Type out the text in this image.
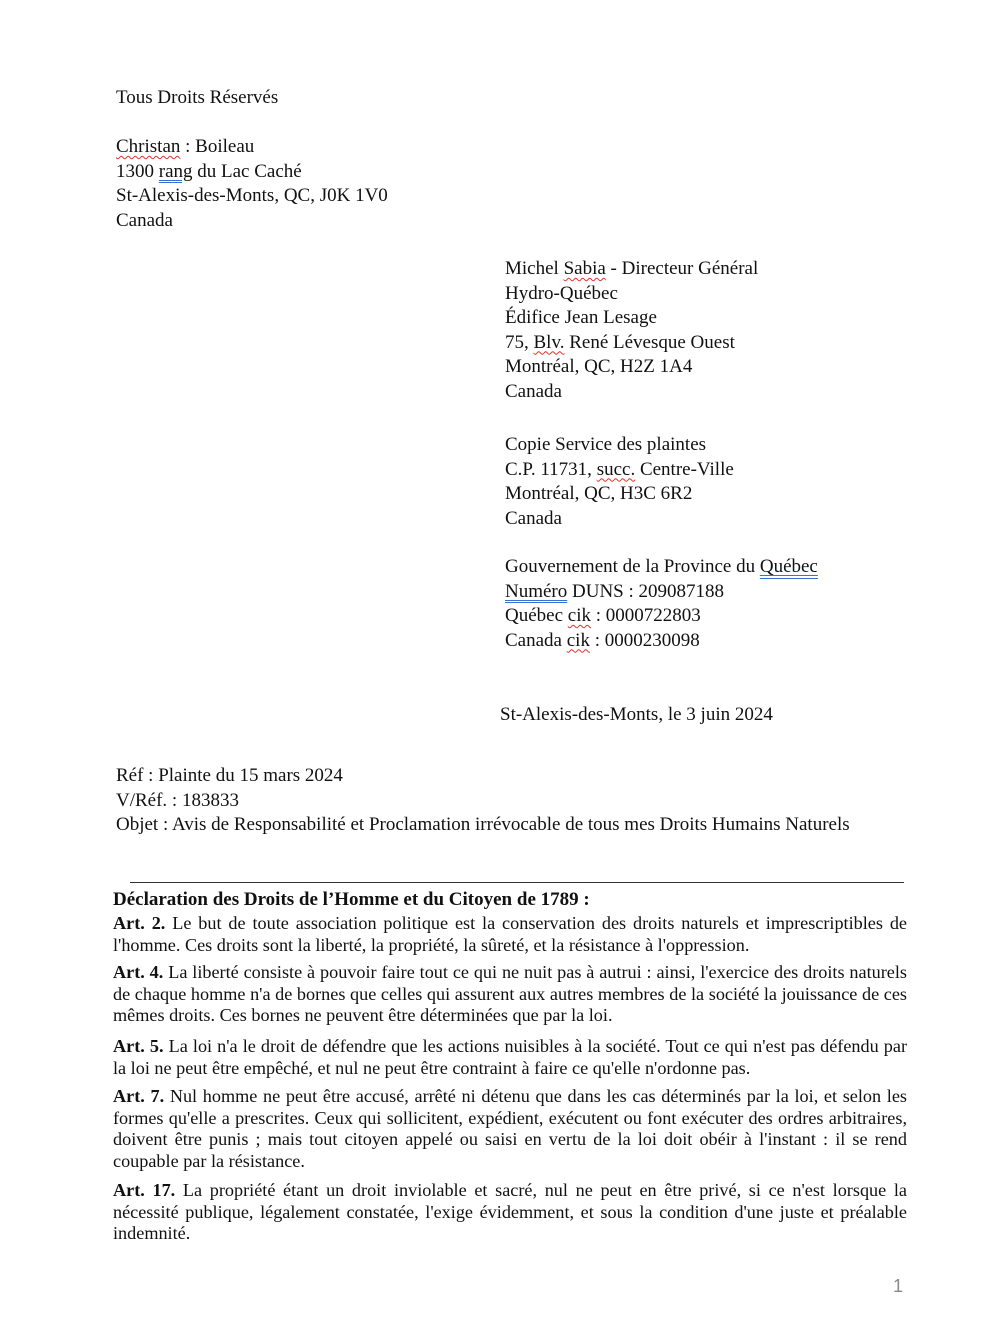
Tous Droits Réservés
Christan : Boileau
1300 rang du Lac Caché
St-Alexis-des-Monts, QC, J0K 1V0
Canada
Michel Sabia - Directeur Général
Hydro-Québec
Édifice Jean Lesage
75, Blv. René Lévesque Ouest
Montréal, QC, H2Z 1A4
Canada
Copie Service des plaintes
C.P. 11731, succ. Centre-Ville
Montréal, QC, H3C 6R2
Canada
Gouvernement de la Province du Québec
Numéro DUNS : 209087188
Québec cik : 0000722803
Canada cik : 0000230098
St-Alexis-des-Monts, le 3 juin 2024
Réf : Plainte du 15 mars 2024
V/Réf. : 183833
Objet : Avis de Responsabilité et Proclamation irrévocable de tous mes Droits Humains Naturels
Déclaration des Droits de l’Homme et du Citoyen de 1789 :
Art. 2. Le but de toute association politique est la conservation des droits naturels et imprescriptibles de l'homme. Ces droits sont la liberté, la propriété, la sûreté, et la résistance à l'oppression.
Art. 4. La liberté consiste à pouvoir faire tout ce qui ne nuit pas à autrui : ainsi, l'exercice des droits naturels de chaque homme n'a de bornes que celles qui assurent aux autres membres de la société la jouissance de ces mêmes droits. Ces bornes ne peuvent être déterminées que par la loi.
Art. 5. La loi n'a le droit de défendre que les actions nuisibles à la société. Tout ce qui n'est pas défendu par la loi ne peut être empêché, et nul ne peut être contraint à faire ce qu'elle n'ordonne pas.
Art. 7. Nul homme ne peut être accusé, arrêté ni détenu que dans les cas déterminés par la loi, et selon les formes qu'elle a prescrites. Ceux qui sollicitent, expédient, exécutent ou font exécuter des ordres arbitraires, doivent être punis ; mais tout citoyen appelé ou saisi en vertu de la loi doit obéir à l'instant : il se rend coupable par la résistance.
Art. 17. La propriété étant un droit inviolable et sacré, nul ne peut en être privé, si ce n'est lorsque la nécessité publique, légalement constatée, l'exige évidemment, et sous la condition d'une juste et préalable indemnité.
1
